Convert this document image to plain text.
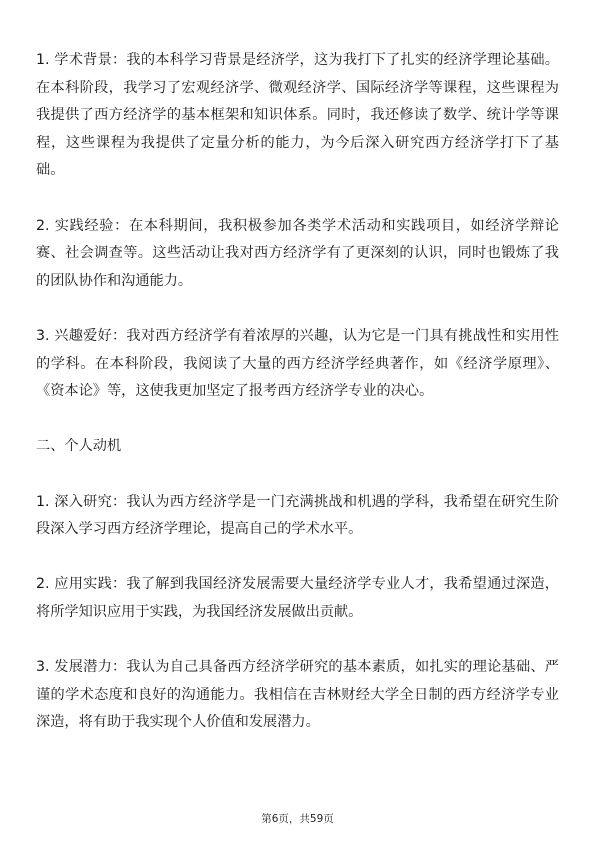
1. 学术背景：我的本科学习背景是经济学，这为我打下了扎实的经济学理论基础。在本科阶段，我学习了宏观经济学、微观经济学、国际经济学等课程，这些课程为我提供了西方经济学的基本框架和知识体系。同时，我还修读了数学、统计学等课程，这些课程为我提供了定量分析的能力，为今后深入研究西方经济学打下了基础。

2. 实践经验：在本科期间，我积极参加各类学术活动和实践项目，如经济学辩论赛、社会调查等。这些活动让我对西方经济学有了更深刻的认识，同时也锻炼了我的团队协作和沟通能力。

3. 兴趣爱好：我对西方经济学有着浓厚的兴趣，认为它是一门具有挑战性和实用性的学科。在本科阶段，我阅读了大量的西方经济学经典著作，如《经济学原理》、《资本论》等，这使我更加坚定了报考西方经济学专业的决心。

二、个人动机

1. 深入研究：我认为西方经济学是一门充满挑战和机遇的学科，我希望在研究生阶段深入学习西方经济学理论，提高自己的学术水平。

2. 应用实践：我了解到我国经济发展需要大量经济学专业人才，我希望通过深造，将所学知识应用于实践，为我国经济发展做出贡献。

3. 发展潜力：我认为自己具备西方经济学研究的基本素质，如扎实的理论基础、严谨的学术态度和良好的沟通能力。我相信在吉林财经大学全日制的西方经济学专业深造，将有助于我实现个人价值和发展潜力。

第6页，共59页
